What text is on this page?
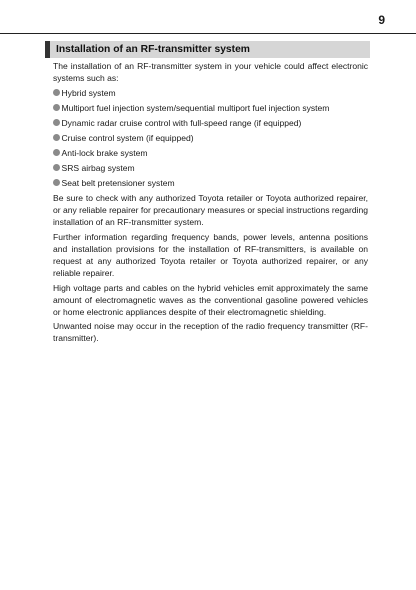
9
Installation of an RF-transmitter system

The installation of an RF-transmitter system in your vehicle could affect electronic systems such as:

Hybrid system
Multiport fuel injection system/sequential multiport fuel injection system
Dynamic radar cruise control with full-speed range (if equipped)
Cruise control system (if equipped)
Anti-lock brake system
SRS airbag system
Seat belt pretensioner system

Be sure to check with any authorized Toyota retailer or Toyota authorized repairer, or any reliable repairer for precautionary measures or special instructions regarding installation of an RF-transmitter system.

Further information regarding frequency bands, power levels, antenna positions and installation provisions for the installation of RF-transmitters, is available on request at any authorized Toyota retailer or Toyota authorized repairer, or any reliable repairer.

High voltage parts and cables on the hybrid vehicles emit approximately the same amount of electromagnetic waves as the conventional gasoline powered vehicles or home electronic appliances despite of their electromagnetic shielding.

Unwanted noise may occur in the reception of the radio frequency transmitter (RF-transmitter).
